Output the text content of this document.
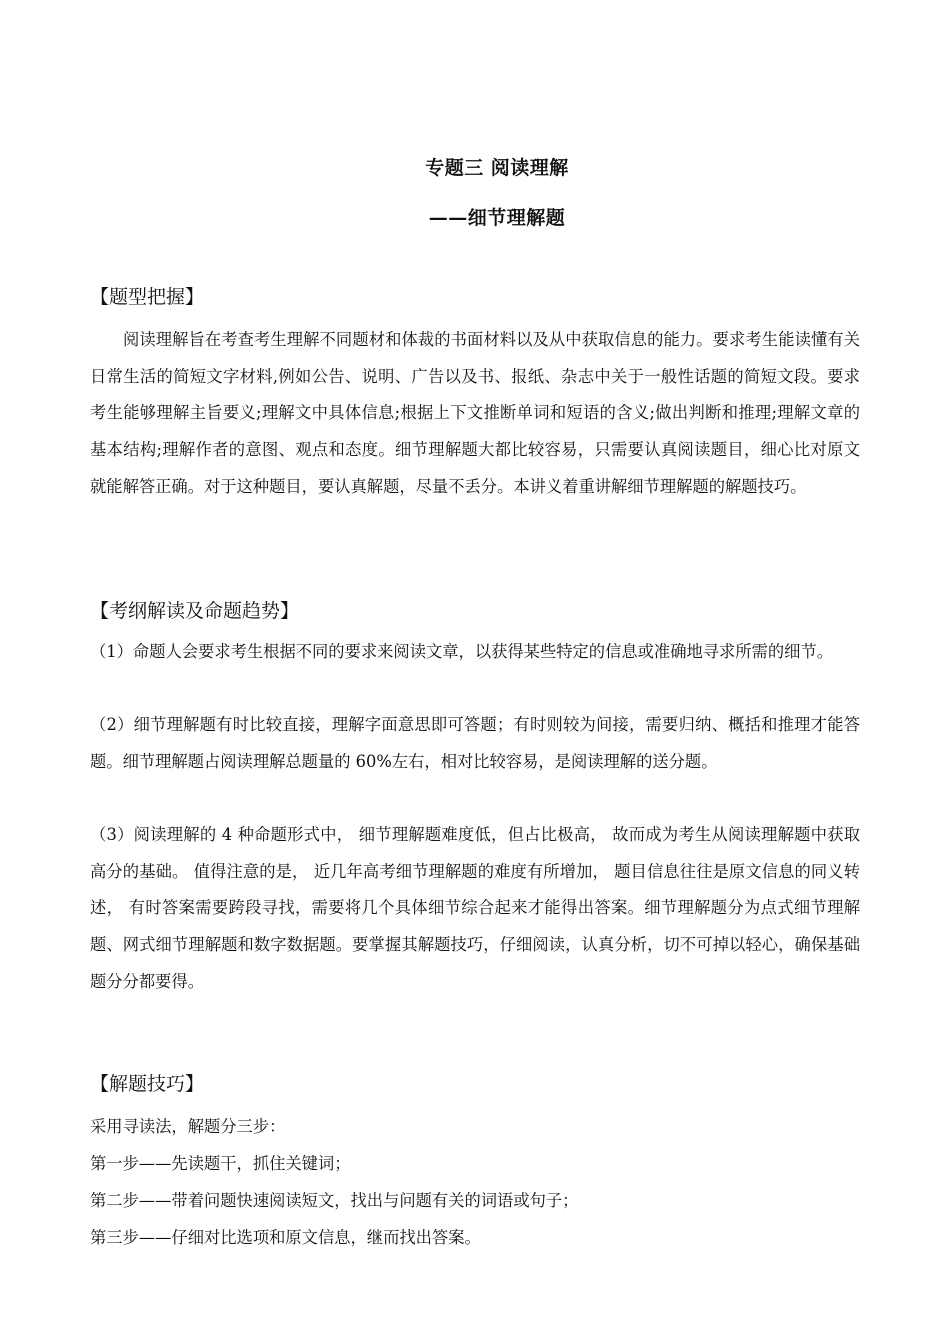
专题三 阅读理解
——细节理解题
【题型把握】

阅读理解旨在考查考生理解不同题材和体裁的书面材料以及从中获取信息的能力。要求考生能读懂有关日常生活的简短文字材料,例如公告、说明、广告以及书、报纸、杂志中关于一般性话题的简短文段。要求考生能够理解主旨要义;理解文中具体信息;根据上下文推断单词和短语的含义;做出判断和推理;理解文章的基本结构;理解作者的意图、观点和态度。细节理解题大都比较容易，只需要认真阅读题目，细心比对原文就能解答正确。对于这种题目，要认真解题，尽量不丢分。本讲义着重讲解细节理解题的解题技巧。

【考纲解读及命题趋势】

（1）命题人会要求考生根据不同的要求来阅读文章，以获得某些特定的信息或准确地寻求所需的细节。

（2）细节理解题有时比较直接，理解字面意思即可答题；有时则较为间接，需要归纳、概括和推理才能答题。细节理解题占阅读理解总题量的 60%左右，相对比较容易，是阅读理解的送分题。

（3）阅读理解的 4 种命题形式中， 细节理解题难度低，但占比极高， 故而成为考生从阅读理解题中获取高分的基础。 值得注意的是， 近几年高考细节理解题的难度有所增加， 题目信息往往是原文信息的同义转述， 有时答案需要跨段寻找，需要将几个具体细节综合起来才能得出答案。细节理解题分为点式细节理解题、网式细节理解题和数字数据题。要掌握其解题技巧，仔细阅读，认真分析，切不可掉以轻心，确保基础题分分都要得。

【解题技巧】
采用寻读法，解题分三步：
第一步——先读题干，抓住关键词；
第二步——带着问题快速阅读短文，找出与问题有关的词语或句子；
第三步——仔细对比选项和原文信息，继而找出答案。
